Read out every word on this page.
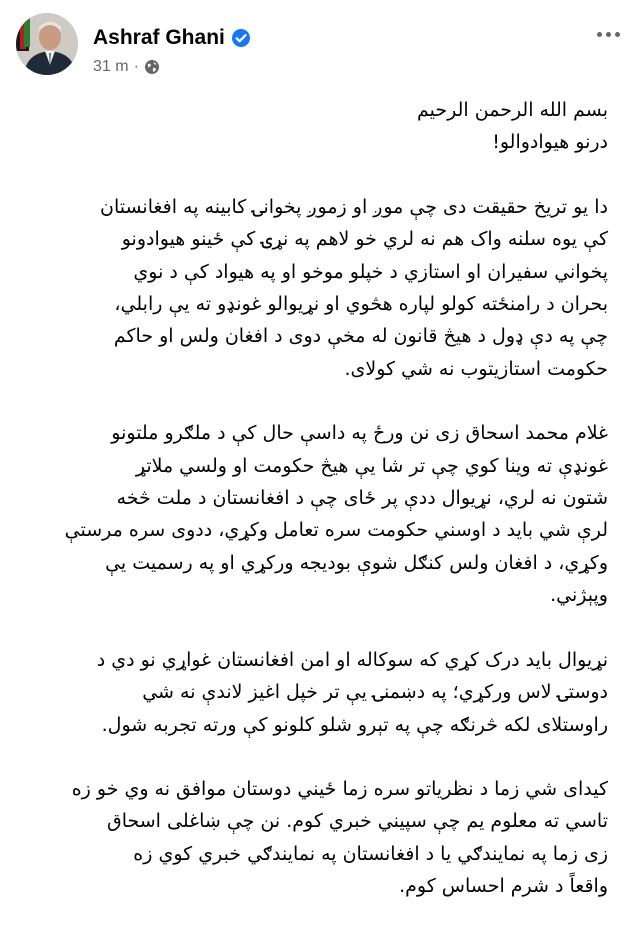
Ashraf Ghani
31 m ·

بسم الله الرحمن الرحیم
درنو هیوادوالو!

دا یو تریخ حقیقت دی چې موږ او زموږ پخوانۍ کابینه په افغانستان
کې یوه سلنه واک هم نه لري خو لاهم په نړۍ کې ځینو هیوادونو
پخواني سفیران او استازي د خپلو موخو او په هیواد کې د نوي
بحران د رامنځته کولو لپاره هڅوي او نړیوالو غونډو ته یې رابلي،
چې په دې ډول د هیڅ قانون له مخې دوی د افغان ولس او حاکم
حکومت استازیتوب نه شي کولای.

غلام محمد اسحاق زی نن ورځ په داسې حال کې د ملګرو ملتونو
غونډې ته وینا کوي چې تر شا یې هیڅ حکومت او ولسي ملاتړ
شتون نه لري، نړیوال ددې پر ځای چې د افغانستان د ملت څخه
لرې شي باید د اوسني حکومت سره تعامل وکړي، ددوی سره مرستې
وکړي، د افغان ولس کنګل شوې بودیجه ورکړي او په رسمیت یې
وپېژني.

نړیوال باید درک کړي که سوکاله او امن افغانستان غواړي نو دي د
دوستۍ لاس ورکړي؛ په دښمنۍ یې تر خپل اغیز لاندې نه شي
راوستلای لکه څرنګه چې په تېرو شلو کلونو کې ورته تجربه شول.

کیدای شي زما د نظریاتو سره زما ځیني دوستان موافق نه وي خو زه
تاسي ته معلوم یم چې سپیني خبري کوم. نن چې ښاغلی اسحاق
زی زما په نمایندګي یا د افغانستان په نمایندګي خبري کوي زه
واقعاً د شرم احساس کوم.
